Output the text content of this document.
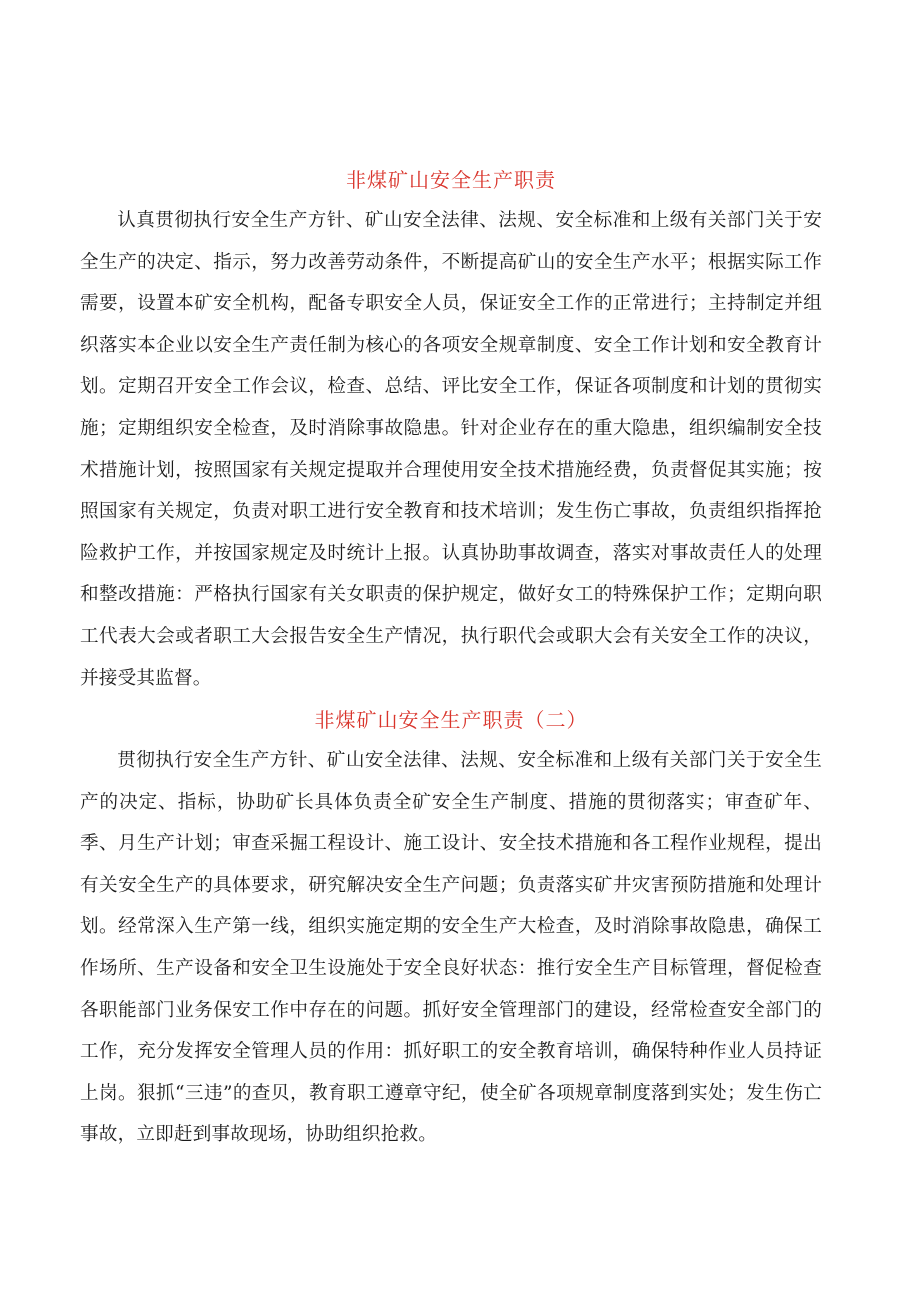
非煤矿山安全生产职责

认真贯彻执行安全生产方针、矿山安全法律、法规、安全标准和上级有关部门关于安全生产的决定、指示，努力改善劳动条件，不断提高矿山的安全生产水平；根据实际工作需要，设置本矿安全机构，配备专职安全人员，保证安全工作的正常进行；主持制定并组织落实本企业以安全生产责任制为核心的各项安全规章制度、安全工作计划和安全教育计划。定期召开安全工作会议，检查、总结、评比安全工作，保证各项制度和计划的贯彻实施；定期组织安全检查，及时消除事故隐患。针对企业存在的重大隐患，组织编制安全技术措施计划，按照国家有关规定提取并合理使用安全技术措施经费，负责督促其实施；按照国家有关规定，负责对职工进行安全教育和技术培训；发生伤亡事故，负责组织指挥抢险救护工作，并按国家规定及时统计上报。认真协助事故调查，落实对事故责任人的处理和整改措施：严格执行国家有关女职责的保护规定，做好女工的特殊保护工作；定期向职工代表大会或者职工大会报告安全生产情况，执行职代会或职大会有关安全工作的决议，并接受其监督。

非煤矿山安全生产职责（二）

贯彻执行安全生产方针、矿山安全法律、法规、安全标准和上级有关部门关于安全生产的决定、指标，协助矿长具体负责全矿安全生产制度、措施的贯彻落实；审查矿年、季、月生产计划；审查采掘工程设计、施工设计、安全技术措施和各工程作业规程，提出有关安全生产的具体要求，研究解决安全生产问题；负责落实矿井灾害预防措施和处理计划。经常深入生产第一线，组织实施定期的安全生产大检查，及时消除事故隐患，确保工作场所、生产设备和安全卫生设施处于安全良好状态：推行安全生产目标管理，督促检查各职能部门业务保安工作中存在的问题。抓好安全管理部门的建设，经常检查安全部门的工作，充分发挥安全管理人员的作用：抓好职工的安全教育培训，确保特种作业人员持证上岗。狠抓“三违”的查贝，教育职工遵章守纪，使全矿各项规章制度落到实处；发生伤亡事故，立即赶到事故现场，协助组织抢救。
